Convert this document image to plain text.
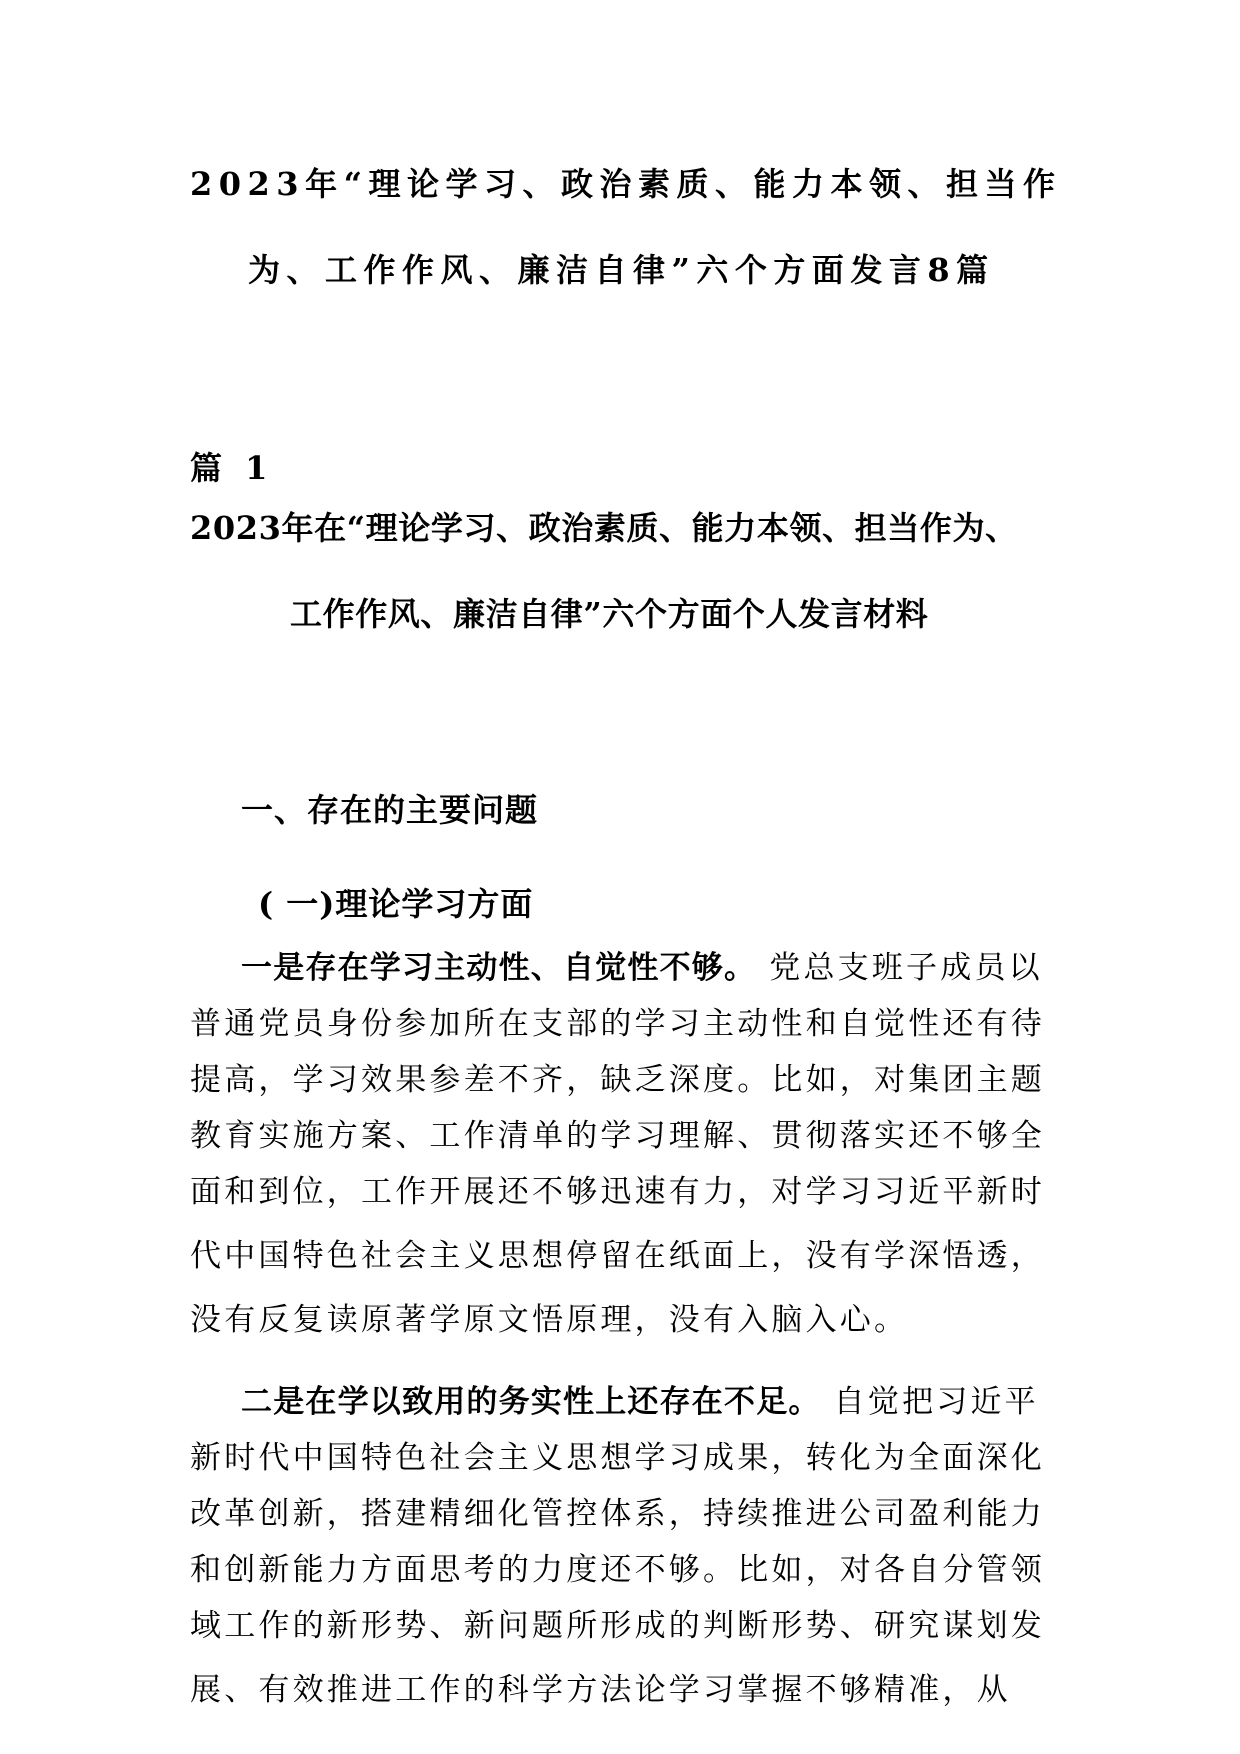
2023年“理论学习、政治素质、能力本领、担当作
为、工作作风、廉洁自律”六个方面发言8篇
篇 1
2023年在“理论学习、政治素质、能力本领、担当作为、
工作作风、廉洁自律”六个方面个人发言材料
一、存在的主要问题
( 一)理论学习方面
一是存在学习主动性、自觉性不够。 党总支班子成员以
普通党员身份参加所在支部的学习主动性和自觉性还有待
提高，学习效果参差不齐，缺乏深度。比如，对集团主题
教育实施方案、工作清单的学习理解、贯彻落实还不够全
面和到位，工作开展还不够迅速有力，对学习习近平新时
代中国特色社会主义思想停留在纸面上，没有学深悟透，
没有反复读原著学原文悟原理，没有入脑入心。
二是在学以致用的务实性上还存在不足。 自觉把习近平
新时代中国特色社会主义思想学习成果，转化为全面深化
改革创新，搭建精细化管控体系，持续推进公司盈利能力
和创新能力方面思考的力度还不够。比如，对各自分管领
域工作的新形势、新问题所形成的判断形势、研究谋划发
展、有效推进工作的科学方法论学习掌握不够精准，从
